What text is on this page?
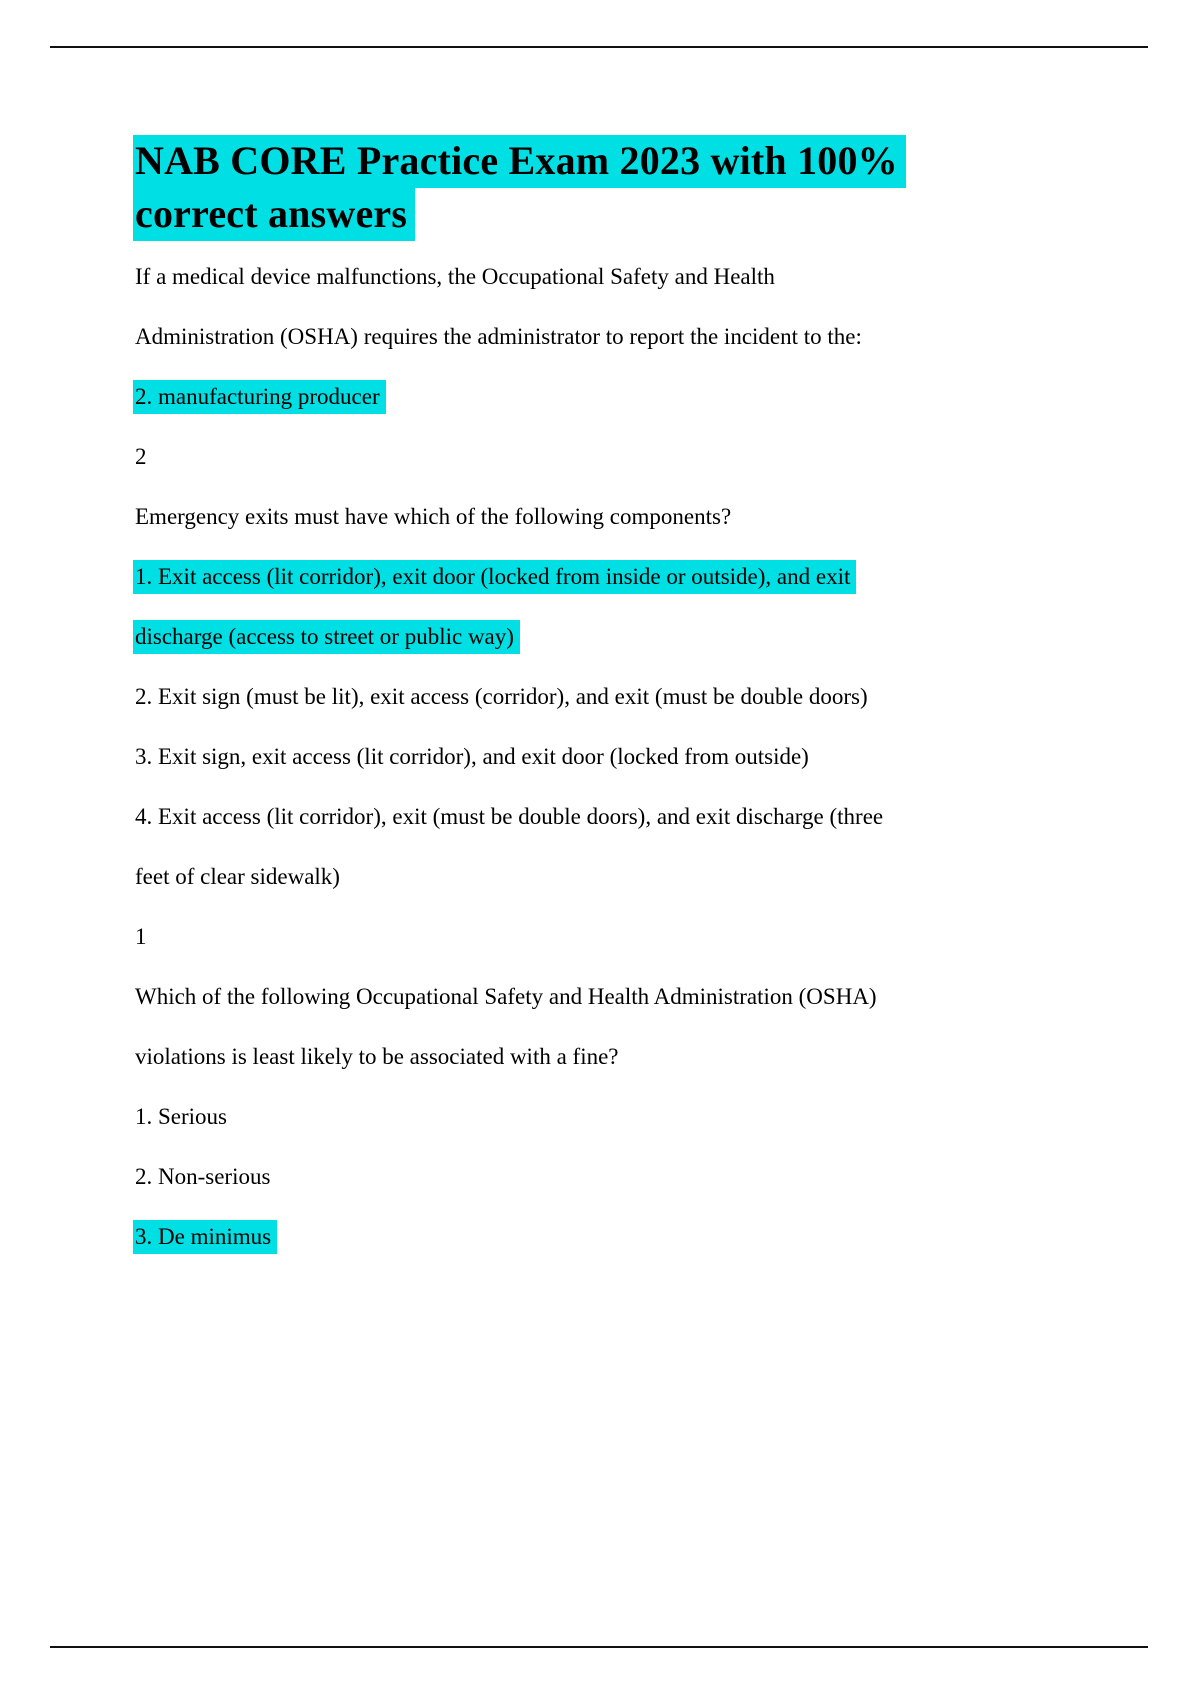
NAB CORE Practice Exam 2023 with 100% correct answers

If a medical device malfunctions, the Occupational Safety and Health

Administration (OSHA) requires the administrator to report the incident to the:

2. manufacturing producer

2

Emergency exits must have which of the following components?

1. Exit access (lit corridor), exit door (locked from inside or outside), and exit

discharge (access to street or public way)

2. Exit sign (must be lit), exit access (corridor), and exit (must be double doors)

3. Exit sign, exit access (lit corridor), and exit door (locked from outside)

4. Exit access (lit corridor), exit (must be double doors), and exit discharge (three

feet of clear sidewalk)

1

Which of the following Occupational Safety and Health Administration (OSHA)

violations is least likely to be associated with a fine?

1. Serious

2. Non-serious

3. De minimus
